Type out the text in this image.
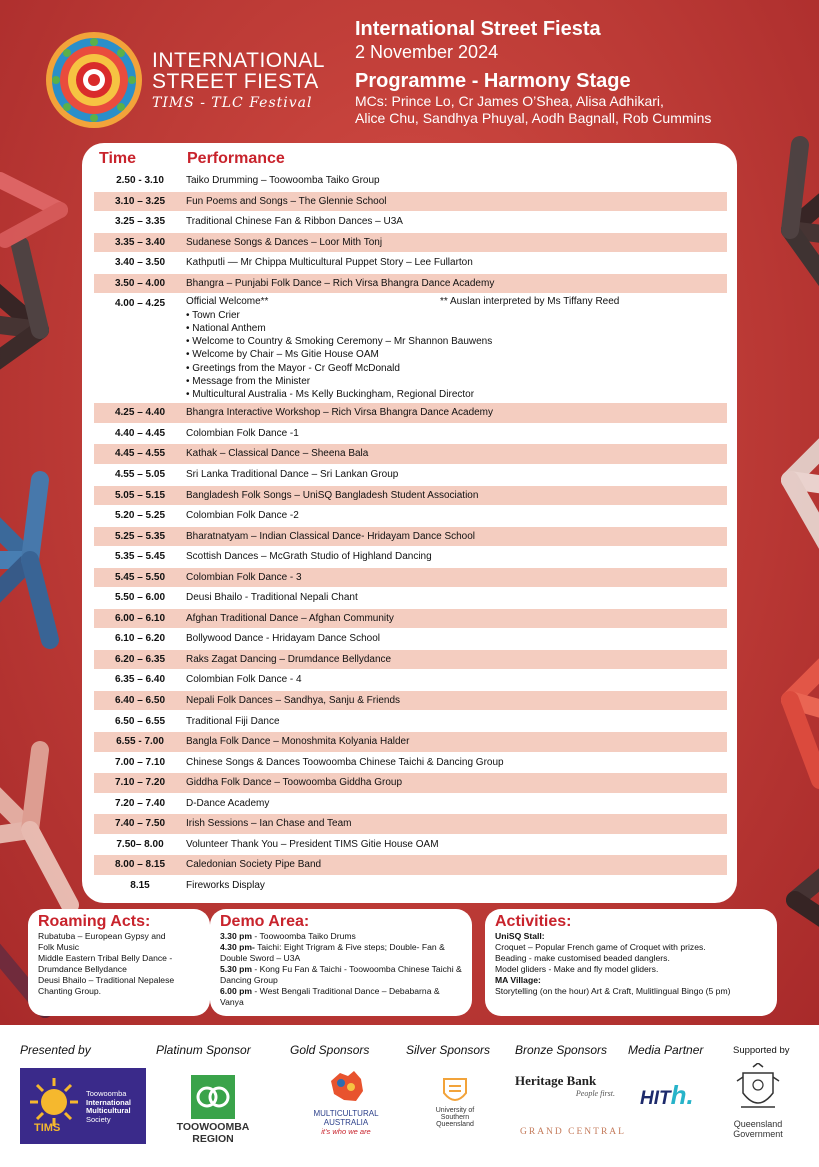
INTERNATIONAL
STREET FIESTA
TIMS - TLC Festival
International Street Fiesta
2 November 2024
Programme - Harmony Stage
MCs: Prince Lo, Cr James O’Shea, Alisa Adhikari,
Alice Chu, Sandhya Phuyal, Aodh Bagnall, Rob Cummins
Time	Performance
2.50 - 3.10	Taiko Drumming – Toowoomba Taiko Group
3.10 – 3.25	Fun Poems and Songs – The Glennie School
3.25 – 3.35	Traditional Chinese Fan & Ribbon Dances – U3A
3.35 – 3.40	Sudanese Songs & Dances – Loor Mith Tonj
3.40 – 3.50	Kathputli — Mr Chippa Multicultural Puppet Story – Lee Fullarton
3.50 – 4.00	Bhangra – Punjabi Folk Dance – Rich Virsa Bhangra Dance Academy
4.00 – 4.25	Official Welcome**	** Auslan interpreted by Ms Tiffany Reed
• Town Crier
• National Anthem
• Welcome to Country & Smoking Ceremony – Mr Shannon Bauwens
• Welcome by Chair – Ms Gitie House OAM
• Greetings from the Mayor - Cr Geoff McDonald
• Message from the Minister
• Multicultural Australia - Ms Kelly Buckingham, Regional Director
4.25 – 4.40	Bhangra Interactive Workshop – Rich Virsa Bhangra Dance Academy
4.40 – 4.45	Colombian Folk Dance -1
4.45 – 4.55	Kathak – Classical Dance – Sheena Bala
4.55 – 5.05	Sri Lanka Traditional Dance – Sri Lankan Group
5.05 – 5.15	Bangladesh Folk Songs – UniSQ Bangladesh Student Association
5.20 – 5.25	Colombian Folk Dance -2
5.25 – 5.35	Bharatnatyam – Indian Classical Dance- Hridayam Dance School
5.35 – 5.45	Scottish Dances – McGrath Studio of Highland Dancing
5.45 – 5.50	Colombian Folk Dance - 3
5.50 – 6.00	Deusi Bhailo - Traditional Nepali Chant
6.00 – 6.10	Afghan Traditional Dance – Afghan Community
6.10 – 6.20	Bollywood Dance - Hridayam Dance School
6.20 – 6.35	Raks Zagat Dancing – Drumdance Bellydance
6.35 – 6.40	Colombian Folk Dance - 4
6.40 – 6.50	Nepali Folk Dances – Sandhya, Sanju & Friends
6.50 – 6.55	Traditional Fiji Dance
6.55 - 7.00	Bangla Folk Dance – Monoshmita Kolyania Halder
7.00 – 7.10	Chinese Songs & Dances Toowoomba Chinese Taichi & Dancing Group
7.10 – 7.20	Giddha Folk Dance – Toowoomba Giddha Group
7.20 – 7.40	D-Dance Academy
7.40 – 7.50	Irish Sessions – Ian Chase and Team
7.50– 8.00	Volunteer Thank You – President TIMS Gitie House OAM
8.00 – 8.15	Caledonian Society Pipe Band
8.15	Fireworks Display
Roaming Acts:
Rubatuba – European Gypsy and
Folk Music
Middle Eastern Tribal Belly Dance -
Drumdance Bellydance
Deusi Bhailo – Traditional Nepalese
Chanting Group.
Demo Area:
3.30 pm - Toowoomba Taiko Drums
4.30 pm- Taichi: Eight Trigram & Five steps; Double- Fan & Double Sword – U3A
5.30 pm - Kong Fu Fan & Taichi - Toowoomba Chinese Taichi & Dancing Group
6.00 pm - West Bengali Traditional Dance – Debabarna & Vanya
Activities:
UniSQ Stall:
Croquet – Popular French game of Croquet with prizes.
Beading - make customised beaded danglers.
Model gliders - Make and fly model gliders.
MA Village:
Storytelling (on the hour) Art & Craft, Mulitlingual Bingo (5 pm)
Presented by	Platinum Sponsor	Gold Sponsors	Silver Sponsors Bronze Sponsors Media Partner	Supported by
TIMS
Toowoomba
International
Multicultural
Society
TOOWOOMBA
REGION
MULTICULTURAL
AUSTRALIA
it’s who we are
University of
Southern
Queensland
Heritage Bank
People first.
GRAND CENTRAL
HITh.
Queensland
Government
